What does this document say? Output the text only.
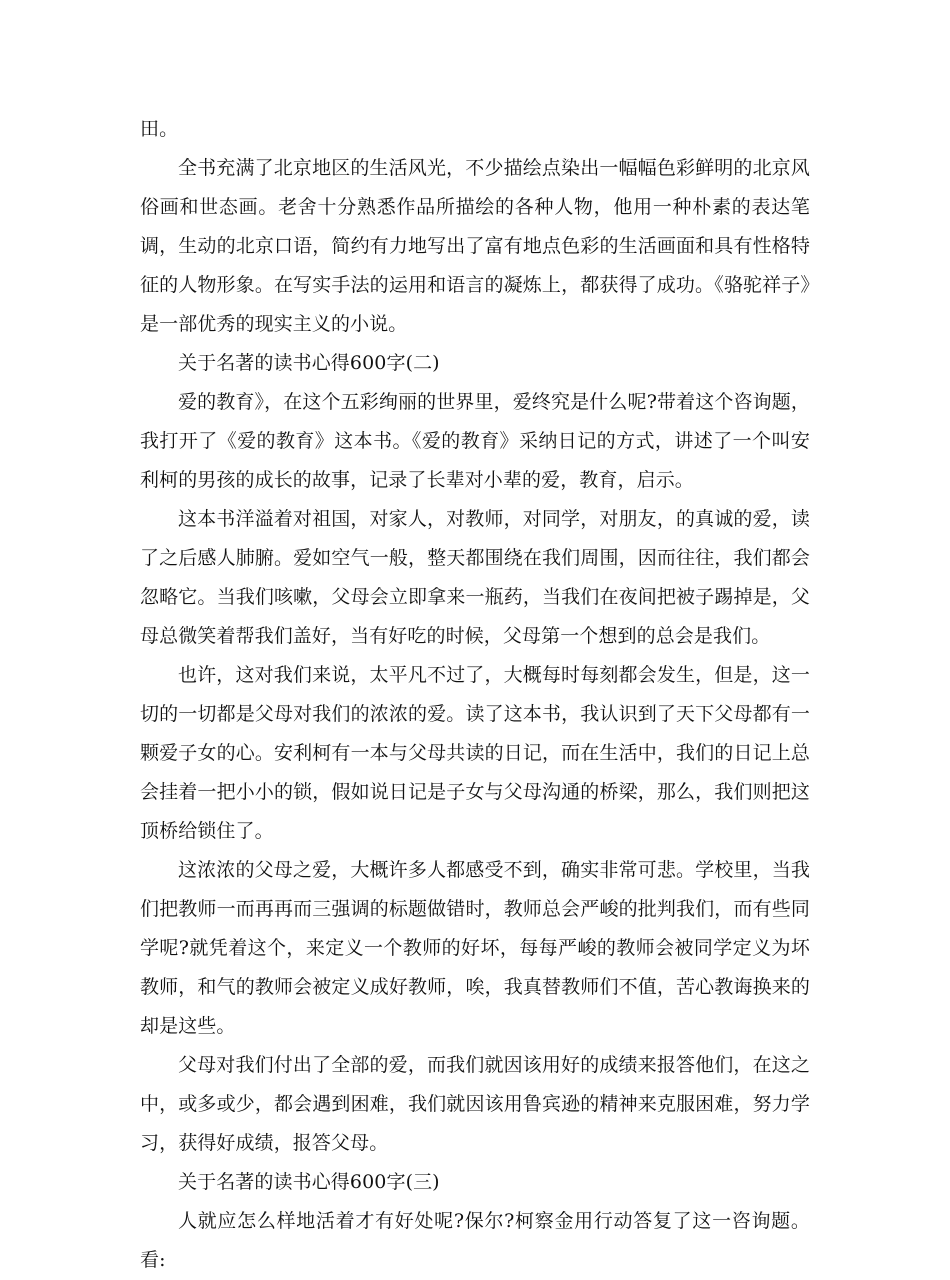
田。

全书充满了北京地区的生活风光，不少描绘点染出一幅幅色彩鲜明的北京风俗画和世态画。老舍十分熟悉作品所描绘的各种人物，他用一种朴素的表达笔调，生动的北京口语，简约有力地写出了富有地点色彩的生活画面和具有性格特征的人物形象。在写实手法的运用和语言的凝炼上，都获得了成功。《骆驼祥子》是一部优秀的现实主义的小说。

关于名著的读书心得600字(二)

爱的教育》，在这个五彩绚丽的世界里，爱终究是什么呢?带着这个咨询题，我打开了《爱的教育》这本书。《爱的教育》采纳日记的方式，讲述了一个叫安利柯的男孩的成长的故事，记录了长辈对小辈的爱，教育，启示。

这本书洋溢着对祖国，对家人，对教师，对同学，对朋友，的真诚的爱，读了之后感人肺腑。爱如空气一般，整天都围绕在我们周围，因而往往，我们都会忽略它。当我们咳嗽，父母会立即拿来一瓶药，当我们在夜间把被子踢掉是，父母总微笑着帮我们盖好，当有好吃的时候，父母第一个想到的总会是我们。

也许，这对我们来说，太平凡不过了，大概每时每刻都会发生，但是，这一切的一切都是父母对我们的浓浓的爱。读了这本书，我认识到了天下父母都有一颗爱子女的心。安利柯有一本与父母共读的日记，而在生活中，我们的日记上总会挂着一把小小的锁，假如说日记是子女与父母沟通的桥梁，那么，我们则把这顶桥给锁住了。

这浓浓的父母之爱，大概许多人都感受不到，确实非常可悲。学校里，当我们把教师一而再再而三强调的标题做错时，教师总会严峻的批判我们，而有些同学呢?就凭着这个，来定义一个教师的好坏，每每严峻的教师会被同学定义为坏教师，和气的教师会被定义成好教师，唉，我真替教师们不值，苦心教诲换来的却是这些。

父母对我们付出了全部的爱，而我们就因该用好的成绩来报答他们，在这之中，或多或少，都会遇到困难，我们就因该用鲁宾逊的精神来克服困难，努力学习，获得好成绩，报答父母。

关于名著的读书心得600字(三)

人就应怎么样地活着才有好处呢?保尔?柯察金用行动答复了这一咨询题。看:
